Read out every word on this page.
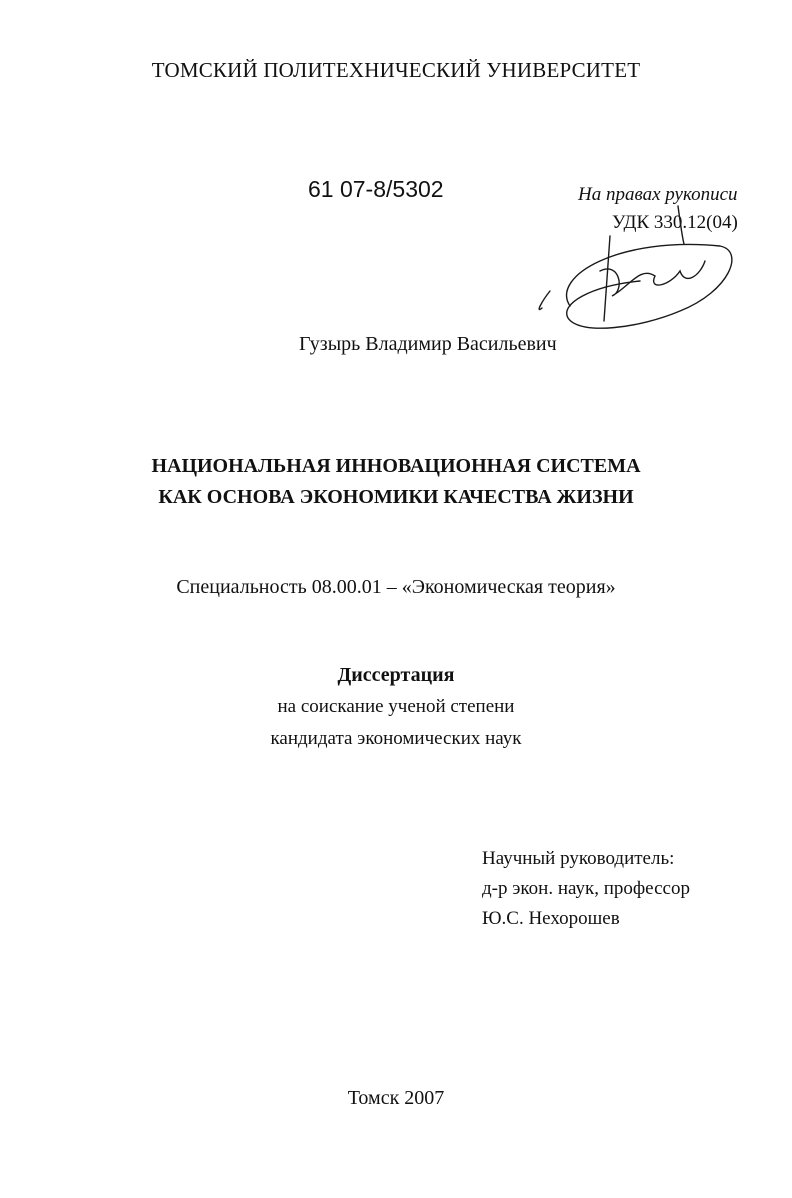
ТОМСКИЙ ПОЛИТЕХНИЧЕСКИЙ УНИВЕРСИТЕТ
61 07-8/5302	На правах рукописи
УДК 330.12(04)
Гузырь Владимир Васильевич
НАЦИОНАЛЬНАЯ ИННОВАЦИОННАЯ СИСТЕМА
КАК ОСНОВА ЭКОНОМИКИ КАЧЕСТВА ЖИЗНИ
Специальность 08.00.01 – «Экономическая теория»
Диссертация
на соискание ученой степени
кандидата экономических наук
Научный руководитель:
д-р экон. наук, профессор
Ю.С. Нехорошев
Томск 2007
